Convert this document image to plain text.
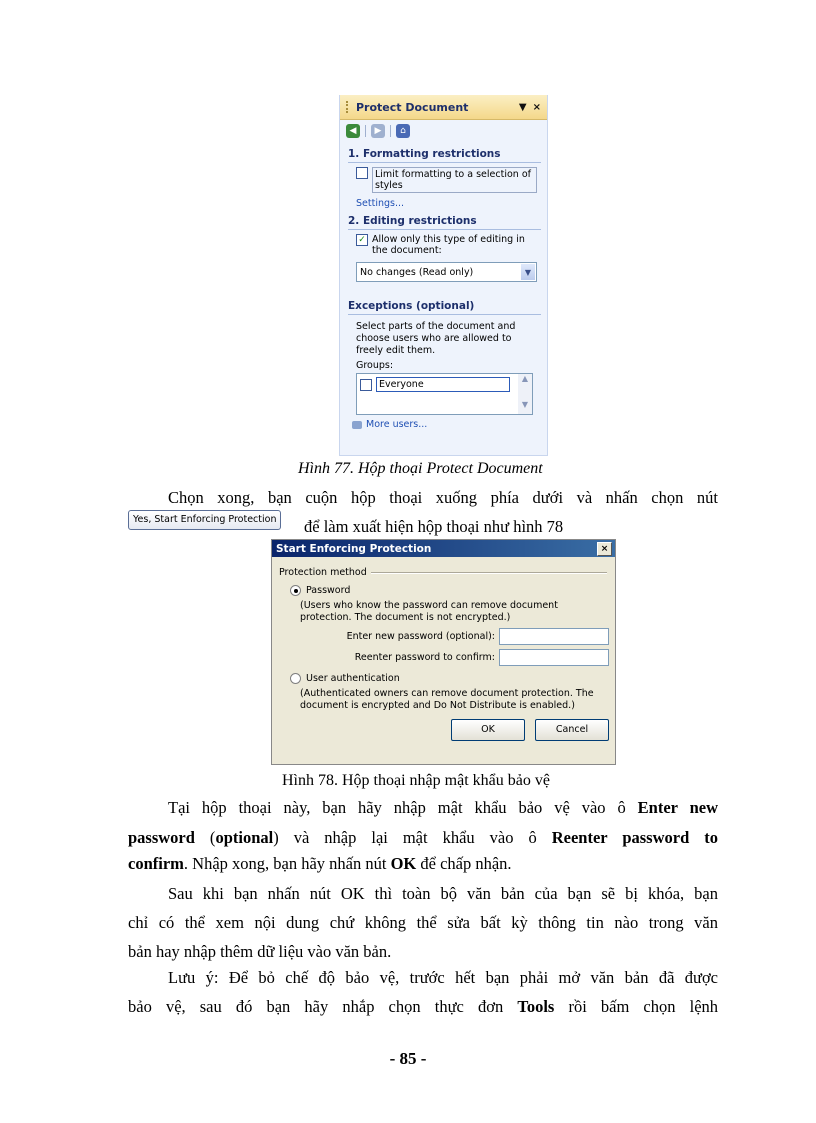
Protect Document	▼ ×
◀	▶	⌂
1. Formatting restrictions
Limit formatting to a selection of styles
Settings...
2. Editing restrictions
✓ Allow only this type of editing in the document:
No changes (Read only)	▼
Exceptions (optional)
Select parts of the document and choose users who are allowed to freely edit them.
Groups:
Everyone
▲
▼
More users...
Hình 77. Hộp thoại Protect Document
Chọn xong, bạn cuộn hộp thoại xuống phía dưới và nhấn chọn nút
Yes, Start Enforcing Protection	để làm xuất hiện hộp thoại như hình 78
Start Enforcing Protection	×
Protection method
Password
(Users who know the password can remove document protection. The document is not encrypted.)
Enter new password (optional):
Reenter password to confirm:
User authentication
(Authenticated owners can remove document protection. The document is encrypted and Do Not Distribute is enabled.)
OK	Cancel
Hình 78. Hộp thoại nhập mật khẩu bảo vệ
Tại hộp thoại này, bạn hãy nhập mật khẩu bảo vệ vào ô Enter new
password (optional) và nhập lại mật khẩu vào ô Reenter password to
confirm. Nhập xong, bạn hãy nhấn nút OK để chấp nhận.
Sau khi bạn nhấn nút OK thì toàn bộ văn bản của bạn sẽ bị khóa, bạn
chỉ có thể xem nội dung chứ không thể sửa bất kỳ thông tin nào trong văn
bản hay nhập thêm dữ liệu vào văn bản.
Lưu ý: Để bỏ chế độ bảo vệ, trước hết bạn phải mở văn bản đã được
bảo vệ, sau đó bạn hãy nhắp chọn thực đơn Tools rồi bấm chọn lệnh
- 85 -
